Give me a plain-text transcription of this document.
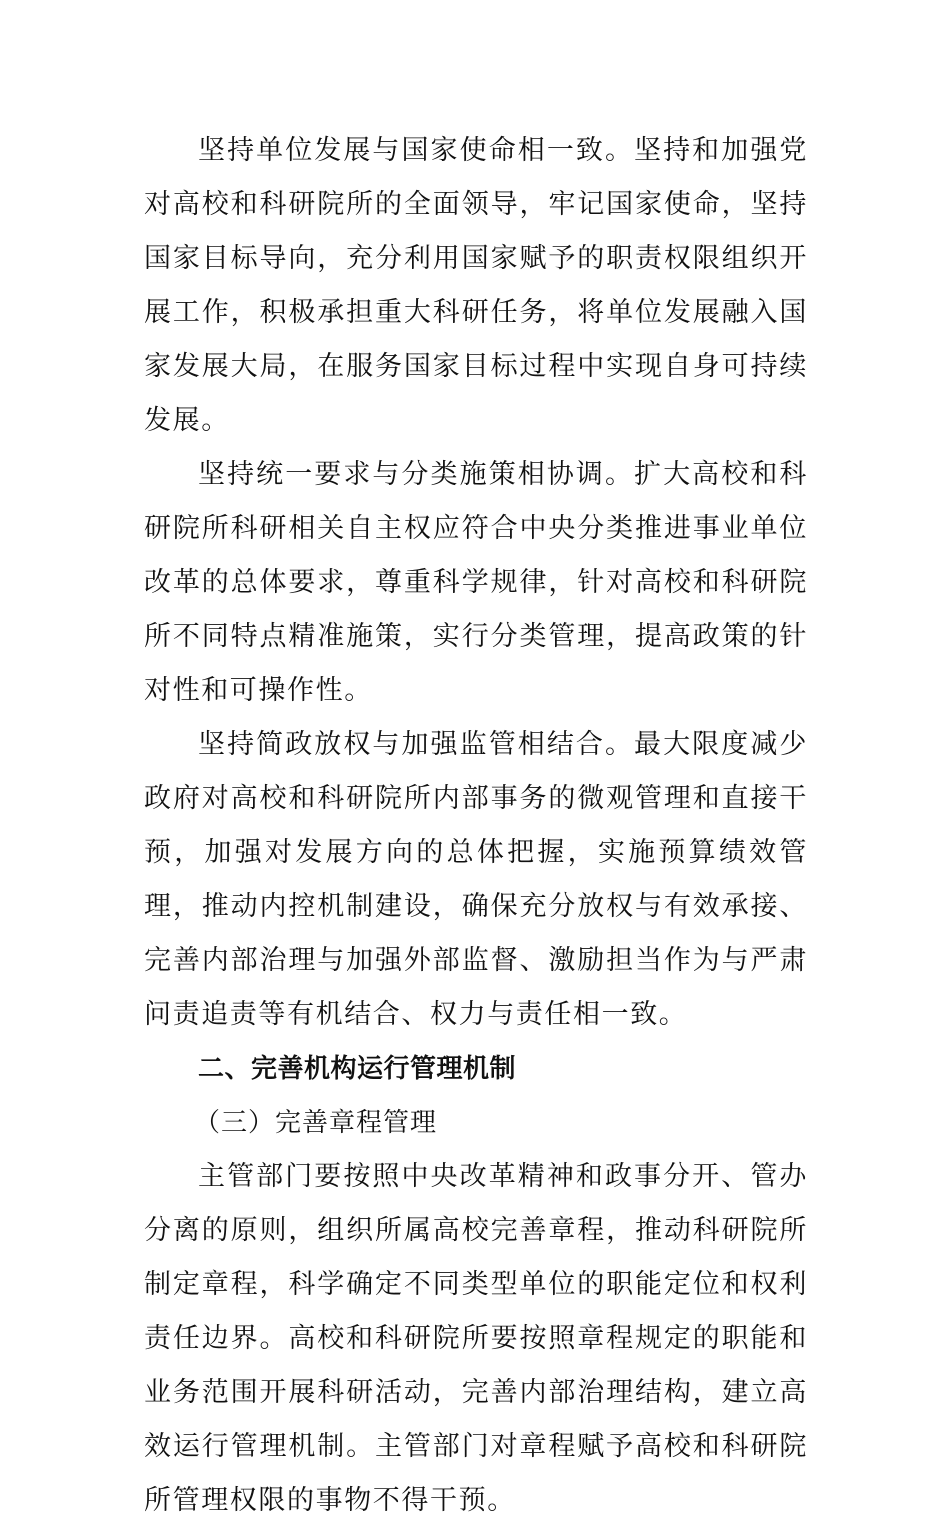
坚持单位发展与国家使命相一致。坚持和加强党对高校和科研院所的全面领导，牢记国家使命，坚持国家目标导向，充分利用国家赋予的职责权限组织开展工作，积极承担重大科研任务，将单位发展融入国家发展大局，在服务国家目标过程中实现自身可持续发展。

坚持统一要求与分类施策相协调。扩大高校和科研院所科研相关自主权应符合中央分类推进事业单位改革的总体要求，尊重科学规律，针对高校和科研院所不同特点精准施策，实行分类管理，提高政策的针对性和可操作性。

坚持简政放权与加强监管相结合。最大限度减少政府对高校和科研院所内部事务的微观管理和直接干预，加强对发展方向的总体把握，实施预算绩效管理，推动内控机制建设，确保充分放权与有效承接、完善内部治理与加强外部监督、激励担当作为与严肃问责追责等有机结合、权力与责任相一致。

二、完善机构运行管理机制

（三）完善章程管理

主管部门要按照中央改革精神和政事分开、管办分离的原则，组织所属高校完善章程，推动科研院所制定章程，科学确定不同类型单位的职能定位和权利责任边界。高校和科研院所要按照章程规定的职能和业务范围开展科研活动，完善内部治理结构，建立高效运行管理机制。主管部门对章程赋予高校和科研院所管理权限的事物不得干预。
